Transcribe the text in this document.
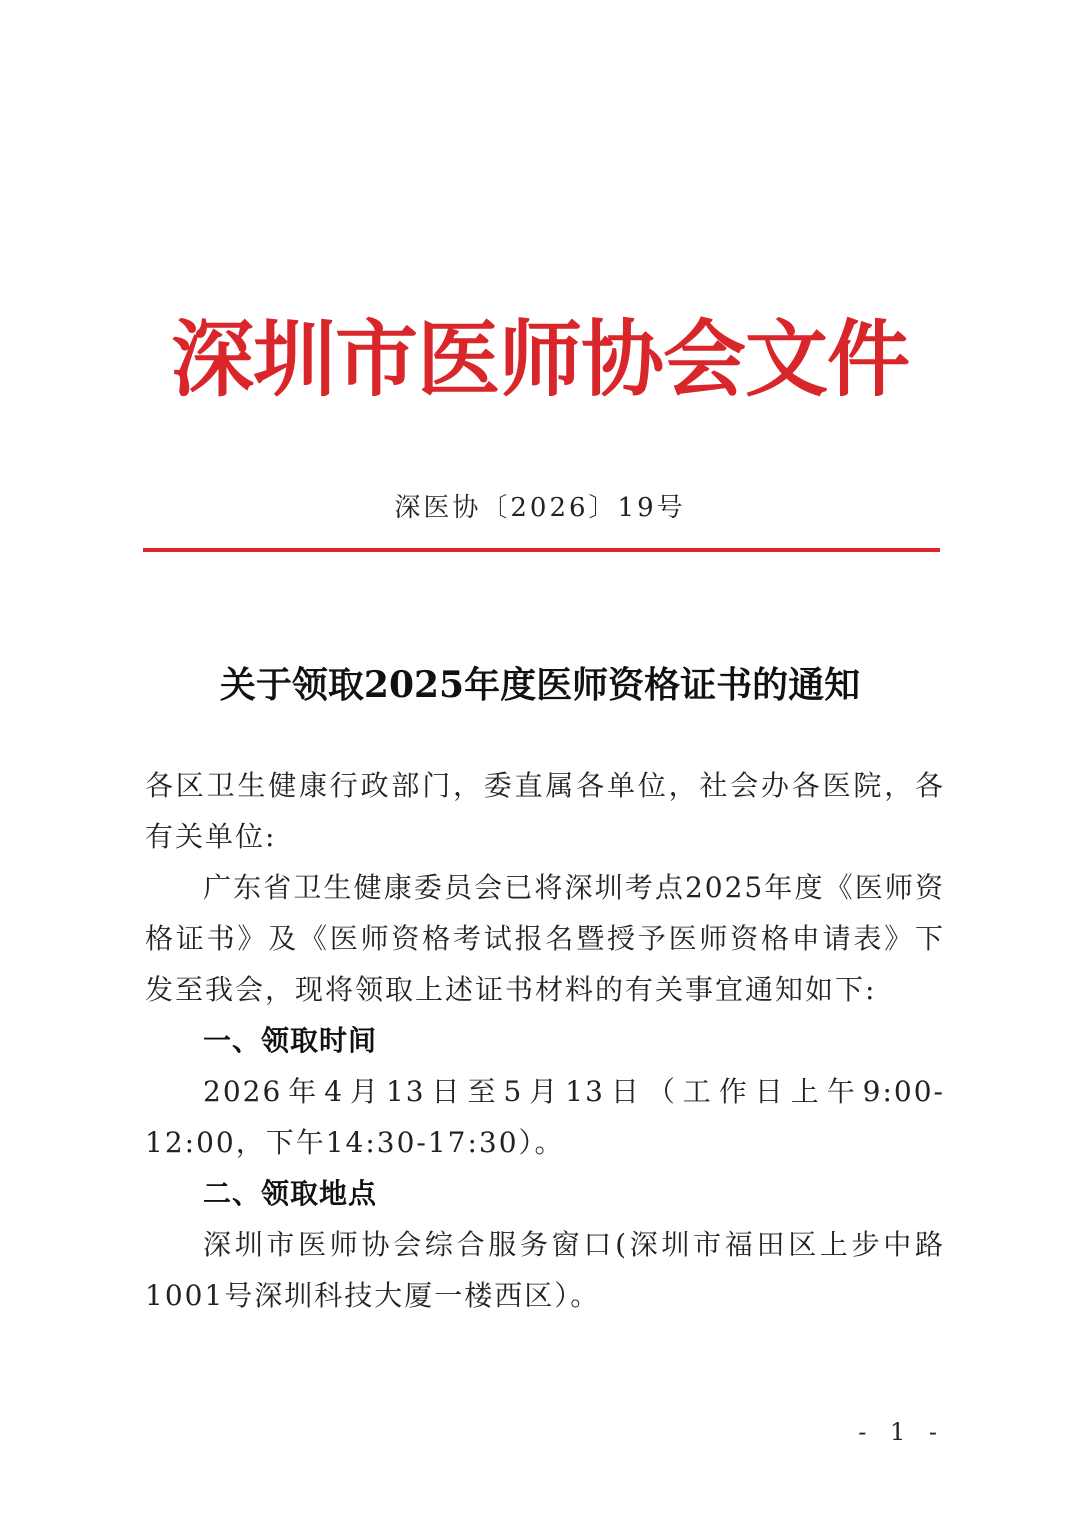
深圳市医师协会文件
深医协〔2026〕19号
关于领取2025年度医师资格证书的通知

各区卫生健康行政部门，委直属各单位，社会办各医院，各有关单位:

广东省卫生健康委员会已将深圳考点2025年度《医师资格证书》及《医师资格考试报名暨授予医师资格申请表》下发至我会，现将领取上述证书材料的有关事宜通知如下:

一、领取时间

2026年4月13日至5月13日（工作日上午9:00-12:00，下午14:30-17:30）。

二、领取地点

深圳市医师协会综合服务窗口(深圳市福田区上步中路1001号深圳科技大厦一楼西区）。

- 1 -
